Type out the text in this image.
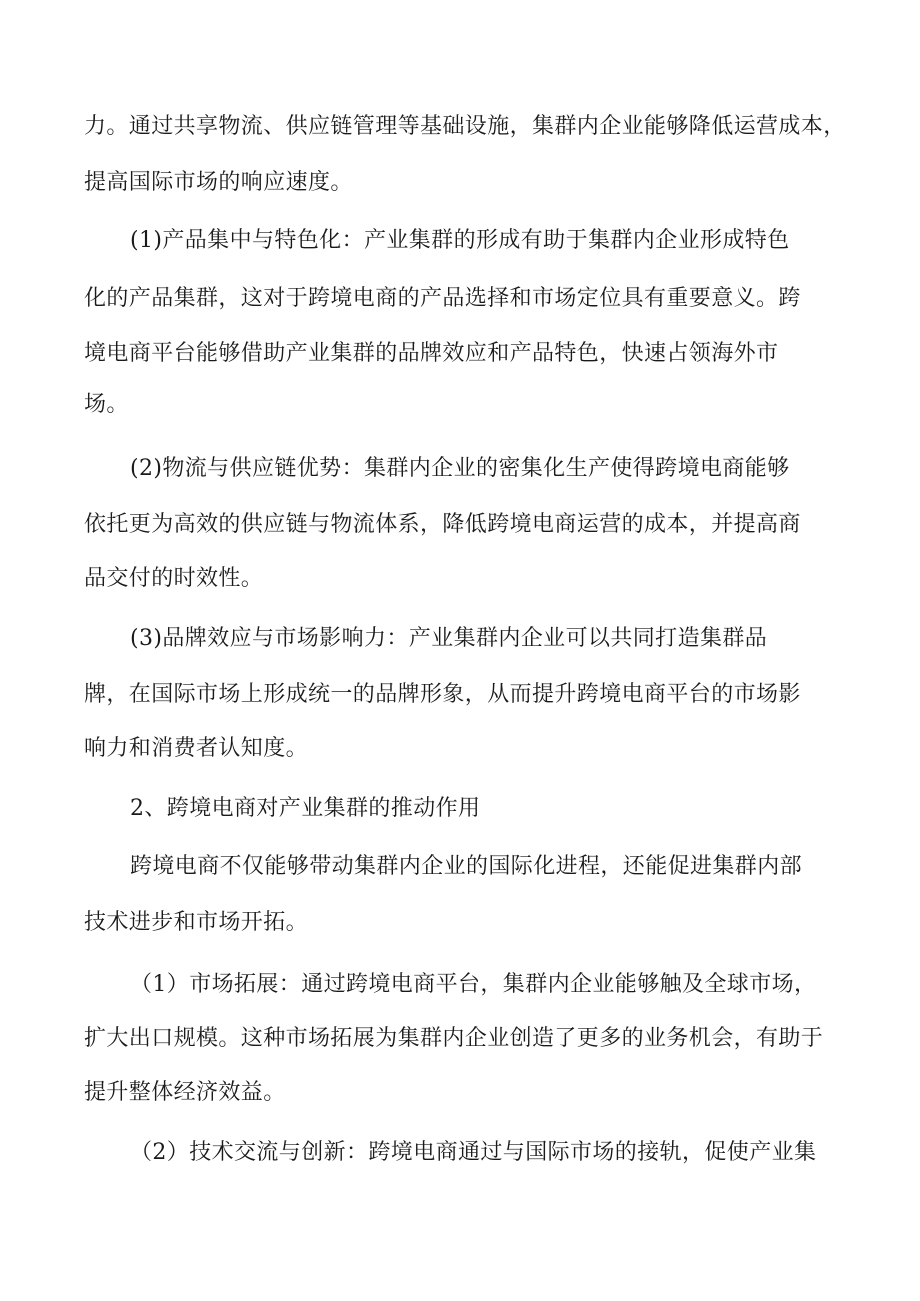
力。通过共享物流、供应链管理等基础设施，集群内企业能够降低运营成本，

提高国际市场的响应速度。

(1)产品集中与特色化：产业集群的形成有助于集群内企业形成特色

化的产品集群，这对于跨境电商的产品选择和市场定位具有重要意义。跨

境电商平台能够借助产业集群的品牌效应和产品特色，快速占领海外市

场。

(2)物流与供应链优势：集群内企业的密集化生产使得跨境电商能够

依托更为高效的供应链与物流体系，降低跨境电商运营的成本，并提高商

品交付的时效性。

(3)品牌效应与市场影响力：产业集群内企业可以共同打造集群品

牌，在国际市场上形成统一的品牌形象，从而提升跨境电商平台的市场影

响力和消费者认知度。

2、跨境电商对产业集群的推动作用

跨境电商不仅能够带动集群内企业的国际化进程，还能促进集群内部

技术进步和市场开拓。

（1）市场拓展：通过跨境电商平台，集群内企业能够触及全球市场，

扩大出口规模。这种市场拓展为集群内企业创造了更多的业务机会，有助于

提升整体经济效益。

（2）技术交流与创新：跨境电商通过与国际市场的接轨，促使产业集
